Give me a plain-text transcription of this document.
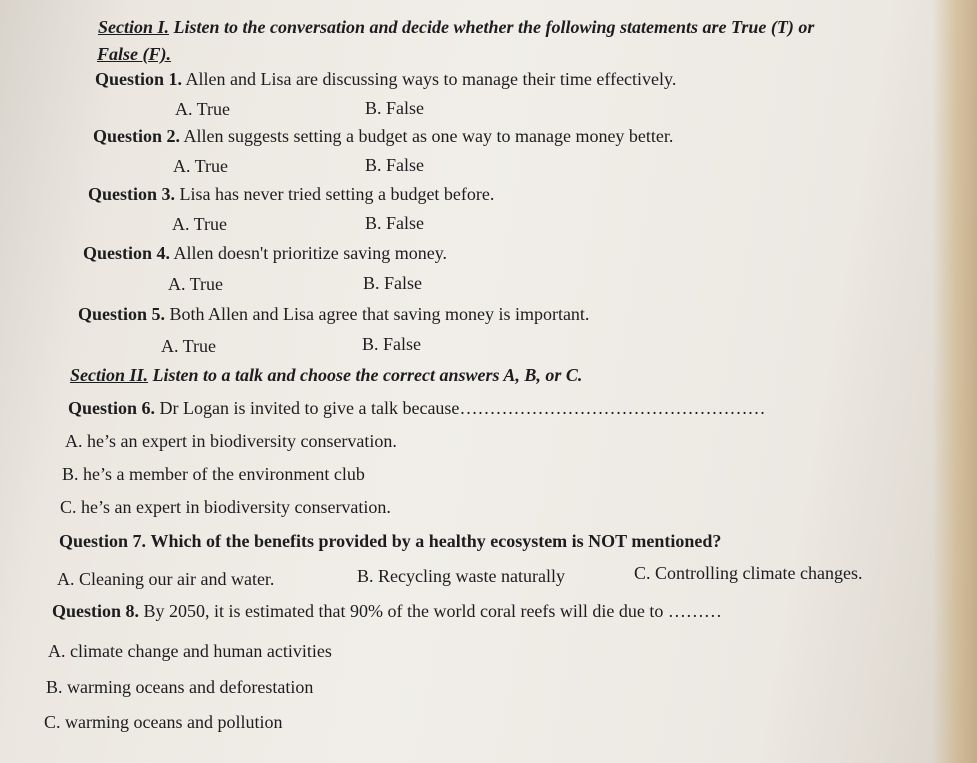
Section I. Listen to the conversation and decide whether the following statements are True (T) or
False (F).
Question 1. Allen and Lisa are discussing ways to manage their time effectively.
A. True	B. False
Question 2. Allen suggests setting a budget as one way to manage money better.
A. True	B. False
Question 3. Lisa has never tried setting a budget before.
A. True	B. False
Question 4. Allen doesn't prioritize saving money.
A. True	B. False
Question 5. Both Allen and Lisa agree that saving money is important.
A. True	B. False
Section II. Listen to a talk and choose the correct answers A, B, or C.
Question 6. Dr Logan is invited to give a talk because……………………………………………
A. he’s an expert in biodiversity conservation.
B. he’s a member of the environment club
C. he’s an expert in biodiversity conservation.
Question 7. Which of the benefits provided by a healthy ecosystem is NOT mentioned?
A. Cleaning our air and water.	B. Recycling waste naturally	C. Controlling climate changes.
Question 8. By 2050, it is estimated that 90% of the world coral reefs will die due to ………
A. climate change and human activities
B. warming oceans and deforestation
C. warming oceans and pollution
